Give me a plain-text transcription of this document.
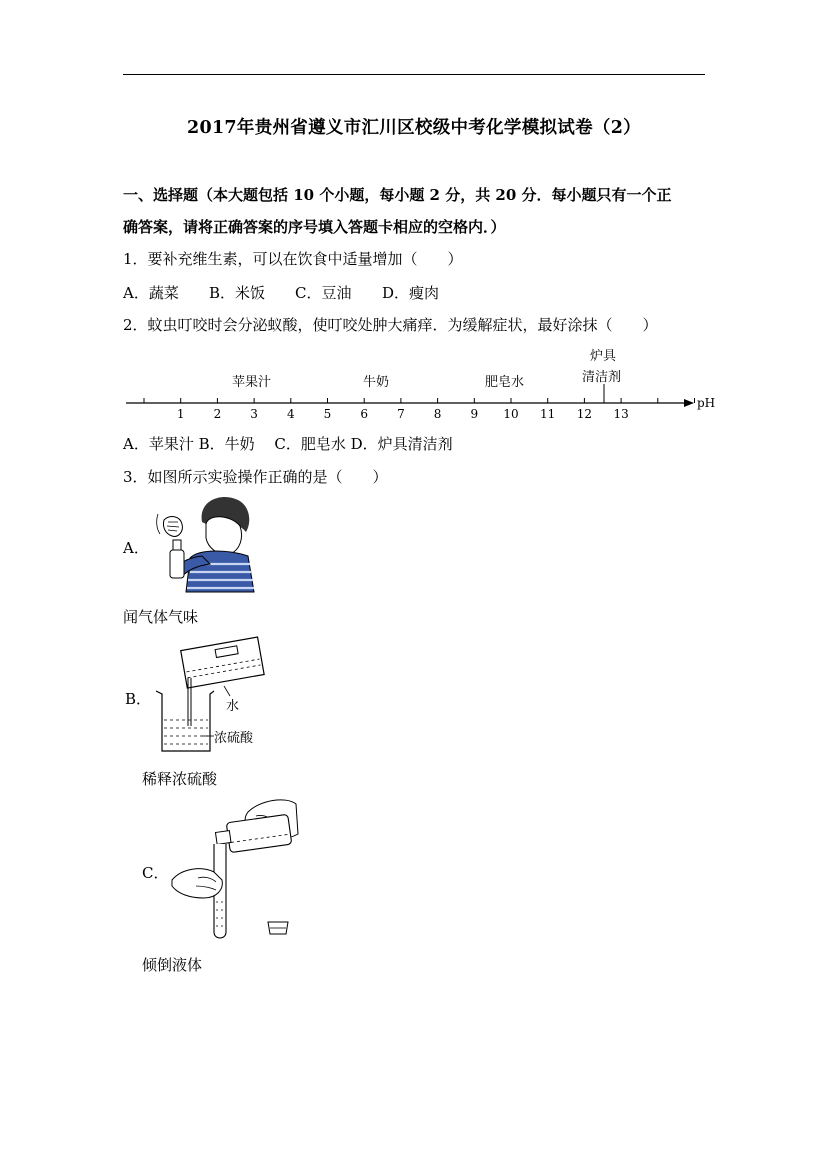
2017年贵州省遵义市汇川区校级中考化学模拟试卷（2）
一、选择题（本大题包括 10 个小题，每小题 2 分，共 20 分．每小题只有一个正
确答案，请将正确答案的序号填入答题卡相应的空格内．）
1．要补充维生素，可以在饮食中适量增加（　　）
A．蔬菜 B．米饭 C．豆油 D．瘦肉
2．蚊虫叮咬时会分泌蚁酸，使叮咬处肿大痛痒．为缓解症状，最好涂抹（　　）
pH
1 2 3 4 5 6 7 8 9 10 11 12 13
苹果汁	牛奶	肥皂水
炉具
清洁剂
A．苹果汁 B．牛奶　 C．肥皂水 D．炉具清洁剂
3．如图所示实验操作正确的是（　　）
A．
闻气体气味
B．	水
浓硫酸
稀释浓硫酸
C．
倾倒液体
